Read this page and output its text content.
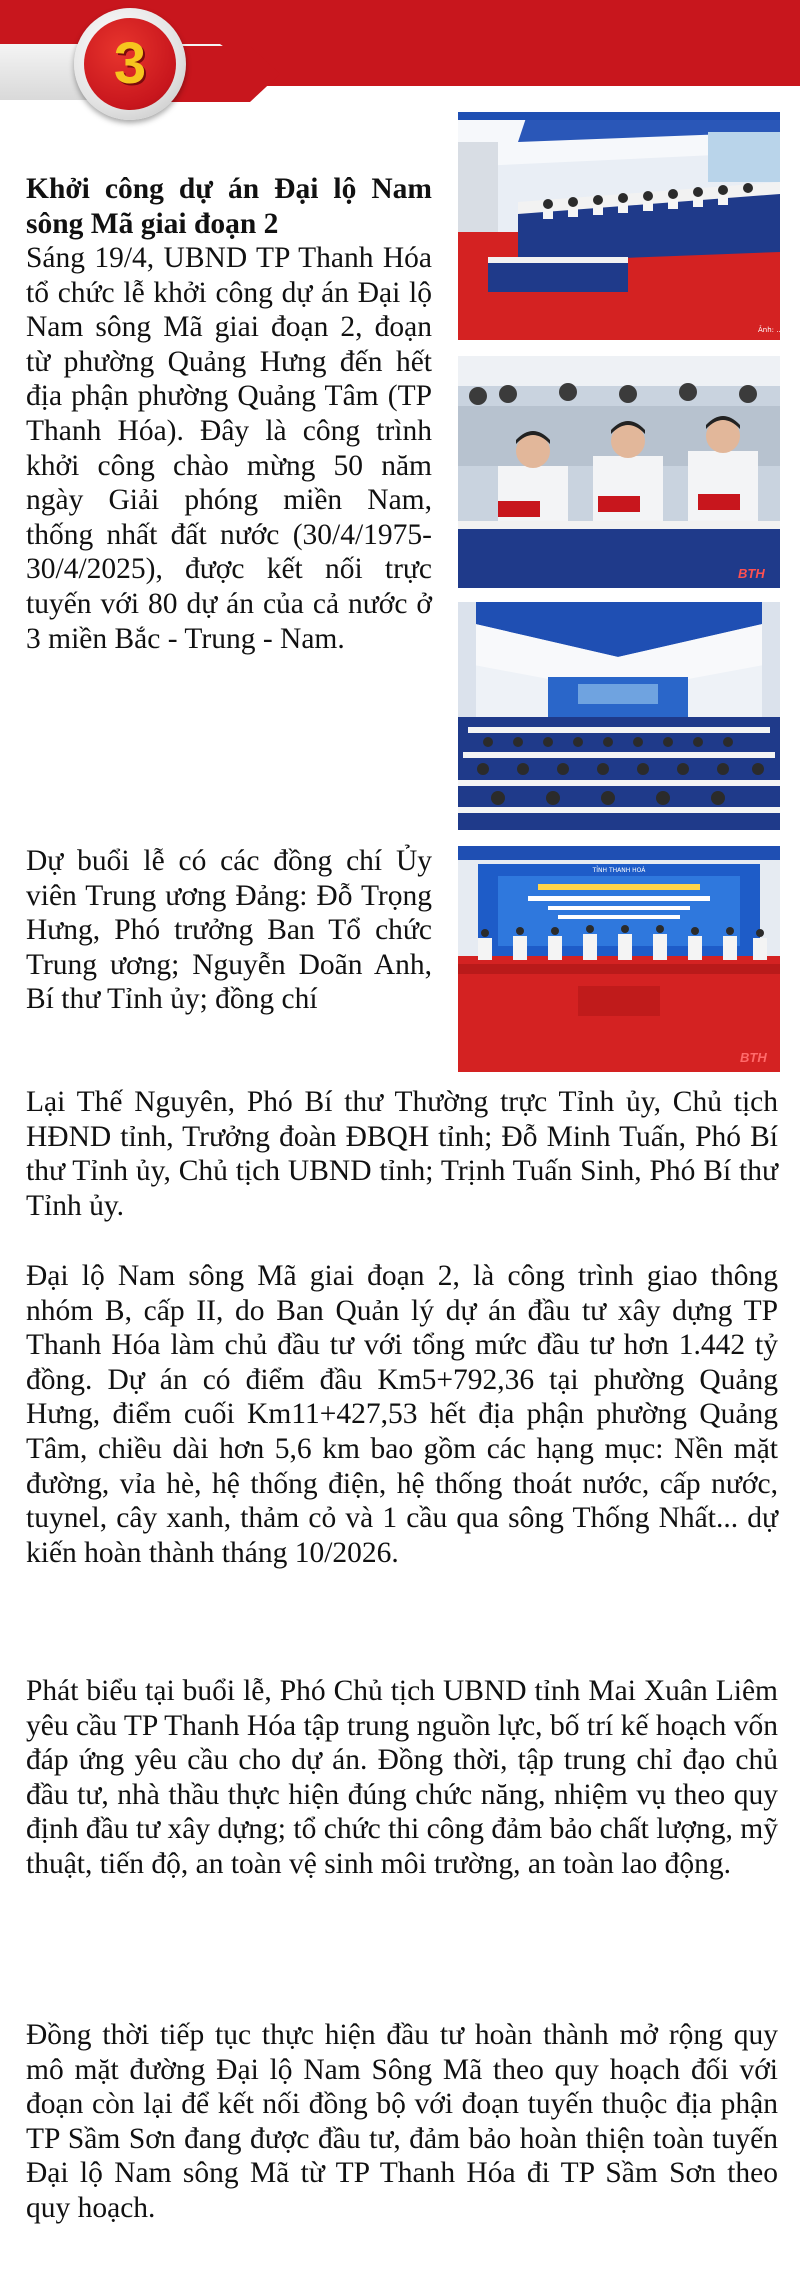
3

Khởi công dự án Đại lộ Nam sông Mã giai đoạn 2

Sáng 19/4, UBND TP Thanh Hóa tổ chức lễ khởi công dự án Đại lộ Nam sông Mã giai đoạn 2, đoạn từ phường Quảng Hưng đến hết địa phận phường Quảng Tâm (TP Thanh Hóa). Đây là công trình khởi công chào mừng 50 năm ngày Giải phóng miền Nam, thống nhất đất nước (30/4/1975-30/4/2025), được kết nối trực tuyến với 80 dự án của cả nước ở 3 miền Bắc - Trung - Nam.

Dự buổi lễ có các đồng chí Ủy viên Trung ương Đảng: Đỗ Trọng Hưng, Phó trưởng Ban Tổ chức Trung ương; Nguyễn Doãn Anh, Bí thư Tỉnh ủy; đồng chí

Lại Thế Nguyên, Phó Bí thư Thường trực Tỉnh ủy, Chủ tịch HĐND tỉnh, Trưởng đoàn ĐBQH tỉnh; Đỗ Minh Tuấn, Phó Bí thư Tỉnh ủy, Chủ tịch UBND tỉnh; Trịnh Tuấn Sinh, Phó Bí thư Tỉnh ủy.

Đại lộ Nam sông Mã giai đoạn 2, là công trình giao thông nhóm B, cấp II, do Ban Quản lý dự án đầu tư xây dựng TP Thanh Hóa làm chủ đầu tư với tổng mức đầu tư hơn 1.442 tỷ đồng. Dự án có điểm đầu Km5+792,36 tại phường Quảng Hưng, điểm cuối Km11+427,53 hết địa phận phường Quảng Tâm, chiều dài hơn 5,6 km bao gồm các hạng mục: Nền mặt đường, vỉa hè, hệ thống điện, hệ thống thoát nước, cấp nước, tuynel, cây xanh, thảm cỏ và 1 cầu qua sông Thống Nhất... dự kiến hoàn thành tháng 10/2026.

Phát biểu tại buổi lễ, Phó Chủ tịch UBND tỉnh Mai Xuân Liêm yêu cầu TP Thanh Hóa tập trung nguồn lực, bố trí kế hoạch vốn đáp ứng yêu cầu cho dự án. Đồng thời, tập trung chỉ đạo chủ đầu tư, nhà thầu thực hiện đúng chức năng, nhiệm vụ theo quy định đầu tư xây dựng; tổ chức thi công đảm bảo chất lượng, mỹ thuật, tiến độ, an toàn vệ sinh môi trường, an toàn lao động.

Đồng thời tiếp tục thực hiện đầu tư hoàn thành mở rộng quy mô mặt đường Đại lộ Nam Sông Mã theo quy hoạch đối với đoạn còn lại để kết nối đồng bộ với đoạn tuyến thuộc địa phận TP Sầm Sơn đang được đầu tư, đảm bảo hoàn thiện toàn tuyến Đại lộ Nam sông Mã từ TP Thanh Hóa đi TP Sầm Sơn theo quy hoạch.

Ảnh: ...
BTH
TỈNH THANH HOÁ
BTH
